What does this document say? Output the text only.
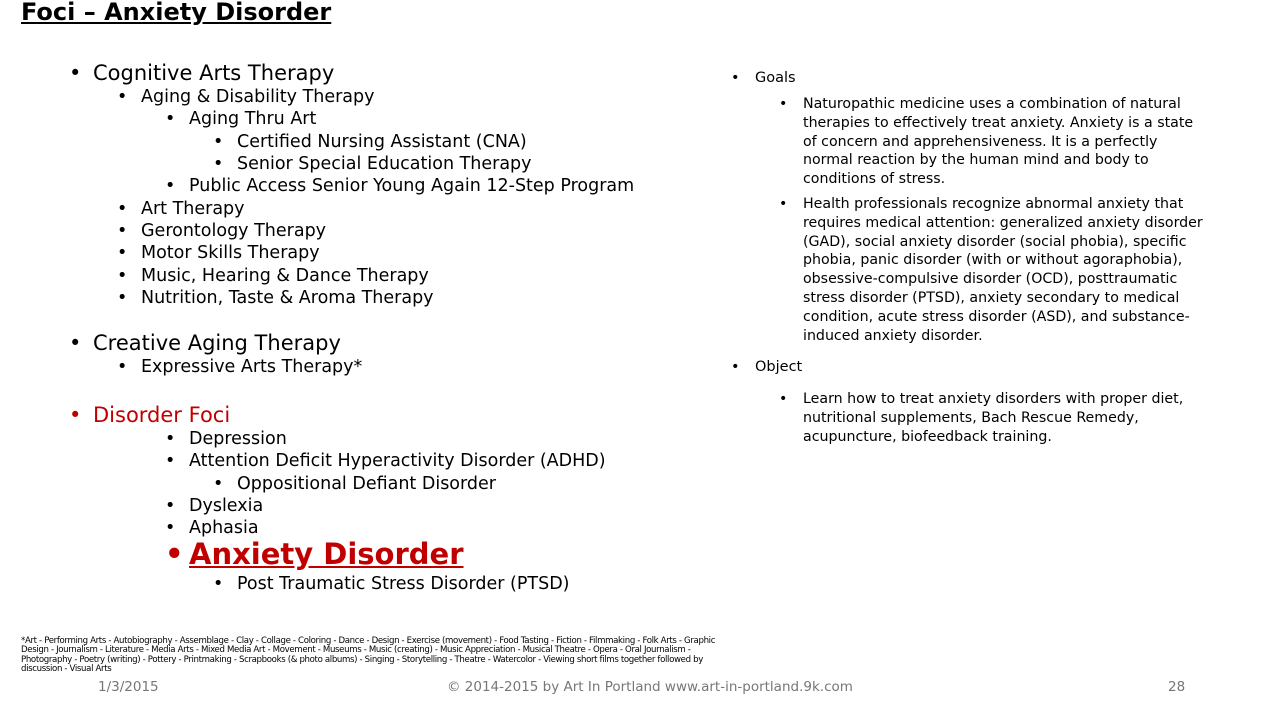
Foci – Anxiety Disorder
• Cognitive Arts Therapy
• Aging & Disability Therapy
• Aging Thru Art
• Certified Nursing Assistant (CNA)
• Senior Special Education Therapy
• Public Access Senior Young Again 12-Step Program
• Art Therapy
• Gerontology Therapy
• Motor Skills Therapy
• Music, Hearing & Dance Therapy
• Nutrition, Taste & Aroma Therapy
• Creative Aging Therapy
• Expressive Arts Therapy*
• Disorder Foci
• Depression
• Attention Deficit Hyperactivity Disorder (ADHD)
• Oppositional Defiant Disorder
• Dyslexia
• Aphasia
• Anxiety Disorder
• Post Traumatic Stress Disorder (PTSD)
• Goals
• Naturopathic medicine uses a combination of natural therapies to effectively treat anxiety. Anxiety is a state of concern and apprehensiveness. It is a perfectly normal reaction by the human mind and body to conditions of stress.
• Health professionals recognize abnormal anxiety that requires medical attention: generalized anxiety disorder (GAD), social anxiety disorder (social phobia), specific phobia, panic disorder (with or without agoraphobia), obsessive-compulsive disorder (OCD), posttraumatic stress disorder (PTSD), anxiety secondary to medical condition, acute stress disorder (ASD), and substance-induced anxiety disorder.
• Object
• Learn how to treat anxiety disorders with proper diet, nutritional supplements, Bach Rescue Remedy, acupuncture, biofeedback training.
*Art - Performing Arts - Autobiography - Assemblage - Clay - Collage - Coloring - Dance - Design - Exercise (movement) - Food Tasting - Fiction - Filmmaking - Folk Arts - Graphic Design - Journalism - Literature - Media Arts - Mixed Media Art - Movement - Museums - Music (creating) - Music Appreciation - Musical Theatre - Opera - Oral Journalism - Photography - Poetry (writing) - Pottery - Printmaking - Scrapbooks (& photo albums) - Singing - Storytelling - Theatre - Watercolor - Viewing short films together followed by discussion - Visual Arts
1/3/2015	© 2014-2015 by Art In Portland www.art-in-portland.9k.com	28
